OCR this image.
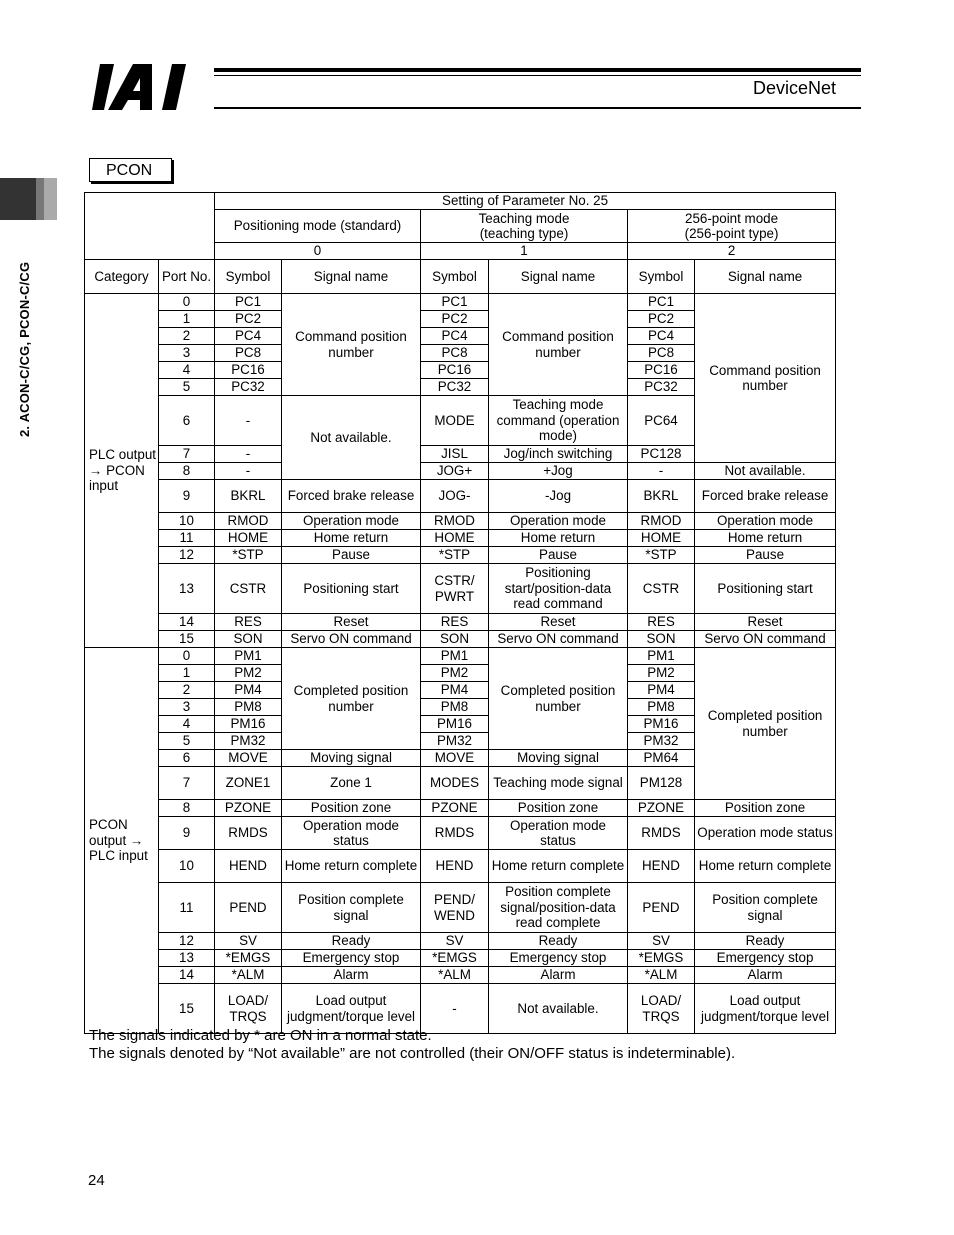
DeviceNet
2. ACON-C/CG, PCON-C/CG
PCON
		Setting of Parameter No. 25					
		Positioning mode (standard)		Teaching mode
(teaching type)		256-point mode
(256-point type)	
		0		1		2	
Category	Port No.	Symbol	Signal name	Symbol	Signal name	Symbol	Signal name
PLC output → PCON input	0	PC1	Command position number	PC1	Command position number	PC1	Command position number
	1	PC2		PC2		PC2	
	2	PC4		PC4		PC4	
	3	PC8		PC8		PC8	
	4	PC16		PC16		PC16	
	5	PC32		PC32		PC32	
	6	-	Not available.	MODE	Teaching mode command (operation mode)	PC64	
	7	-		JISL	Jog/inch switching	PC128	
	8	-		JOG+	+Jog	-	Not available.
	9	BKRL	Forced brake release	JOG-	-Jog	BKRL	Forced brake release
	10	RMOD	Operation mode	RMOD	Operation mode	RMOD	Operation mode
	11	HOME	Home return	HOME	Home return	HOME	Home return
	12	*STP	Pause	*STP	Pause	*STP	Pause
	13	CSTR	Positioning start	CSTR/
PWRT	Positioning start/position-data read command	CSTR	Positioning start
	14	RES	Reset	RES	Reset	RES	Reset
	15	SON	Servo ON command	SON	Servo ON command	SON	Servo ON command
PCON output → PLC input	0	PM1	Completed position number	PM1	Completed position number	PM1	Completed position number
	1	PM2		PM2		PM2	
	2	PM4		PM4		PM4	
	3	PM8		PM8		PM8	
	4	PM16		PM16		PM16	
	5	PM32		PM32		PM32	
	6	MOVE	Moving signal	MOVE	Moving signal	PM64	
	7	ZONE1	Zone 1	MODES	Teaching mode signal	PM128	
	8	PZONE	Position zone	PZONE	Position zone	PZONE	Position zone
	9	RMDS	Operation mode status	RMDS	Operation mode status	RMDS	Operation mode status
	10	HEND	Home return complete	HEND	Home return complete	HEND	Home return complete
	11	PEND	Position complete signal	PEND/
WEND	Position complete signal/position-data read complete	PEND	Position complete signal
	12	SV	Ready	SV	Ready	SV	Ready
	13	*EMGS	Emergency stop	*EMGS	Emergency stop	*EMGS	Emergency stop
	14	*ALM	Alarm	*ALM	Alarm	*ALM	Alarm
	15	LOAD/
TRQS	Load output judgment/torque level	-	Not available.	LOAD/
TRQS	Load output judgment/torque level
The signals indicated by * are ON in a normal state.
The signals denoted by “Not available” are not controlled (their ON/OFF status is indeterminable).
24
